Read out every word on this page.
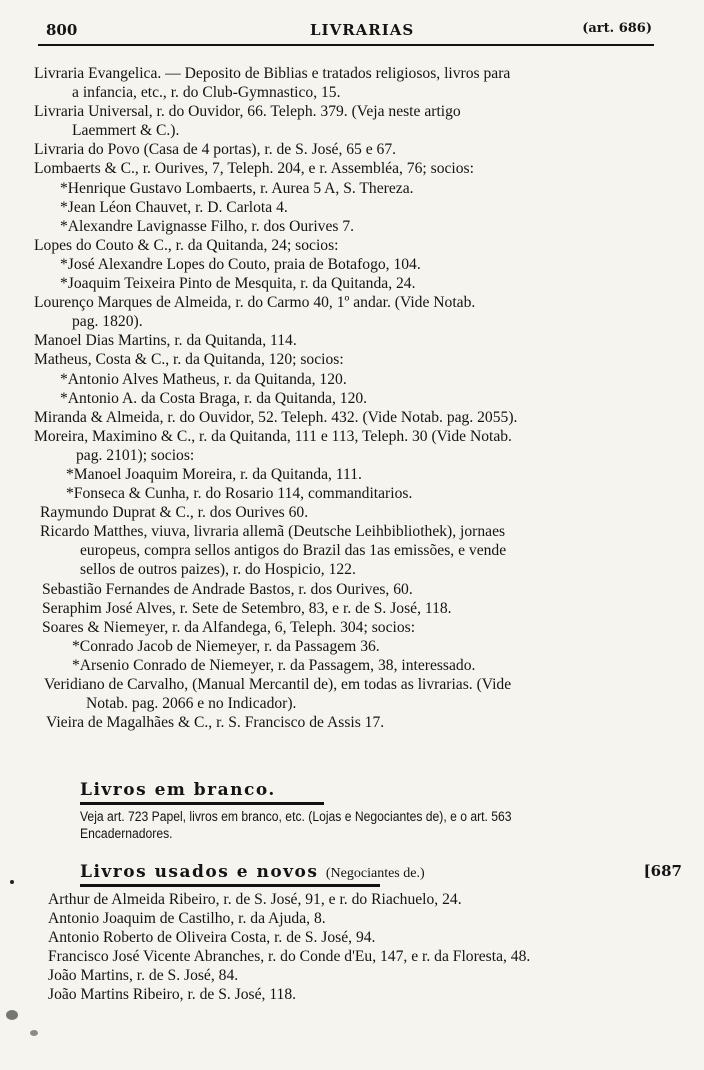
800	LIVRARIAS	(art. 686)

Livraria Evangelica. — Deposito de Biblias e tratados religiosos, livros para

a infancia, etc., r. do Club-Gymnastico, 15.

Livraria Universal, r. do Ouvidor, 66. Teleph. 379. (Veja neste artigo

Laemmert & C.).

Livraria do Povo (Casa de 4 portas), r. de S. José, 65 e 67.

Lombaerts & C., r. Ourives, 7, Teleph. 204, e r. Assembléa, 76; socios:

*Henrique Gustavo Lombaerts, r. Aurea 5 A, S. Thereza.

*Jean Léon Chauvet, r. D. Carlota 4.

*Alexandre Lavignasse Filho, r. dos Ourives 7.

Lopes do Couto & C., r. da Quitanda, 24; socios:

*José Alexandre Lopes do Couto, praia de Botafogo, 104.

*Joaquim Teixeira Pinto de Mesquita, r. da Quitanda, 24.

Lourenço Marques de Almeida, r. do Carmo 40, 1º andar. (Vide Notab.

pag. 1820).

Manoel Dias Martins, r. da Quitanda, 114.

Matheus, Costa & C., r. da Quitanda, 120; socios:

*Antonio Alves Matheus, r. da Quitanda, 120.

*Antonio A. da Costa Braga, r. da Quitanda, 120.

Miranda & Almeida, r. do Ouvidor, 52. Teleph. 432. (Vide Notab. pag. 2055).

Moreira, Maximino & C., r. da Quitanda, 111 e 113, Teleph. 30 (Vide Notab.

pag. 2101); socios:

*Manoel Joaquim Moreira, r. da Quitanda, 111.

*Fonseca & Cunha, r. do Rosario 114, commanditarios.

Raymundo Duprat & C., r. dos Ourives 60.

Ricardo Matthes, viuva, livraria allemã (Deutsche Leihbibliothek), jornaes

europeus, compra sellos antigos do Brazil das 1as emissões, e vende

sellos de outros paizes), r. do Hospicio, 122.

Sebastião Fernandes de Andrade Bastos, r. dos Ourives, 60.

Seraphim José Alves, r. Sete de Setembro, 83, e r. de S. José, 118.

Soares & Niemeyer, r. da Alfandega, 6, Teleph. 304; socios:

*Conrado Jacob de Niemeyer, r. da Passagem 36.

*Arsenio Conrado de Niemeyer, r. da Passagem, 38, interessado.

Veridiano de Carvalho, (Manual Mercantil de), em todas as livrarias. (Vide

Notab. pag. 2066 e no Indicador).

Vieira de Magalhães & C., r. S. Francisco de Assis 17.

Livros em branco.
Veja art. 723 Papel, livros em branco, etc. (Lojas e Negociantes de), e o art. 563
Encadernadores.
Livros usados e novos (Negociantes de.)	[687

Arthur de Almeida Ribeiro, r. de S. José, 91, e r. do Riachuelo, 24.

Antonio Joaquim de Castilho, r. da Ajuda, 8.

Antonio Roberto de Oliveira Costa, r. de S. José, 94.

Francisco José Vicente Abranches, r. do Conde d'Eu, 147, e r. da Floresta, 48.

João Martins, r. de S. José, 84.

João Martins Ribeiro, r. de S. José, 118.
